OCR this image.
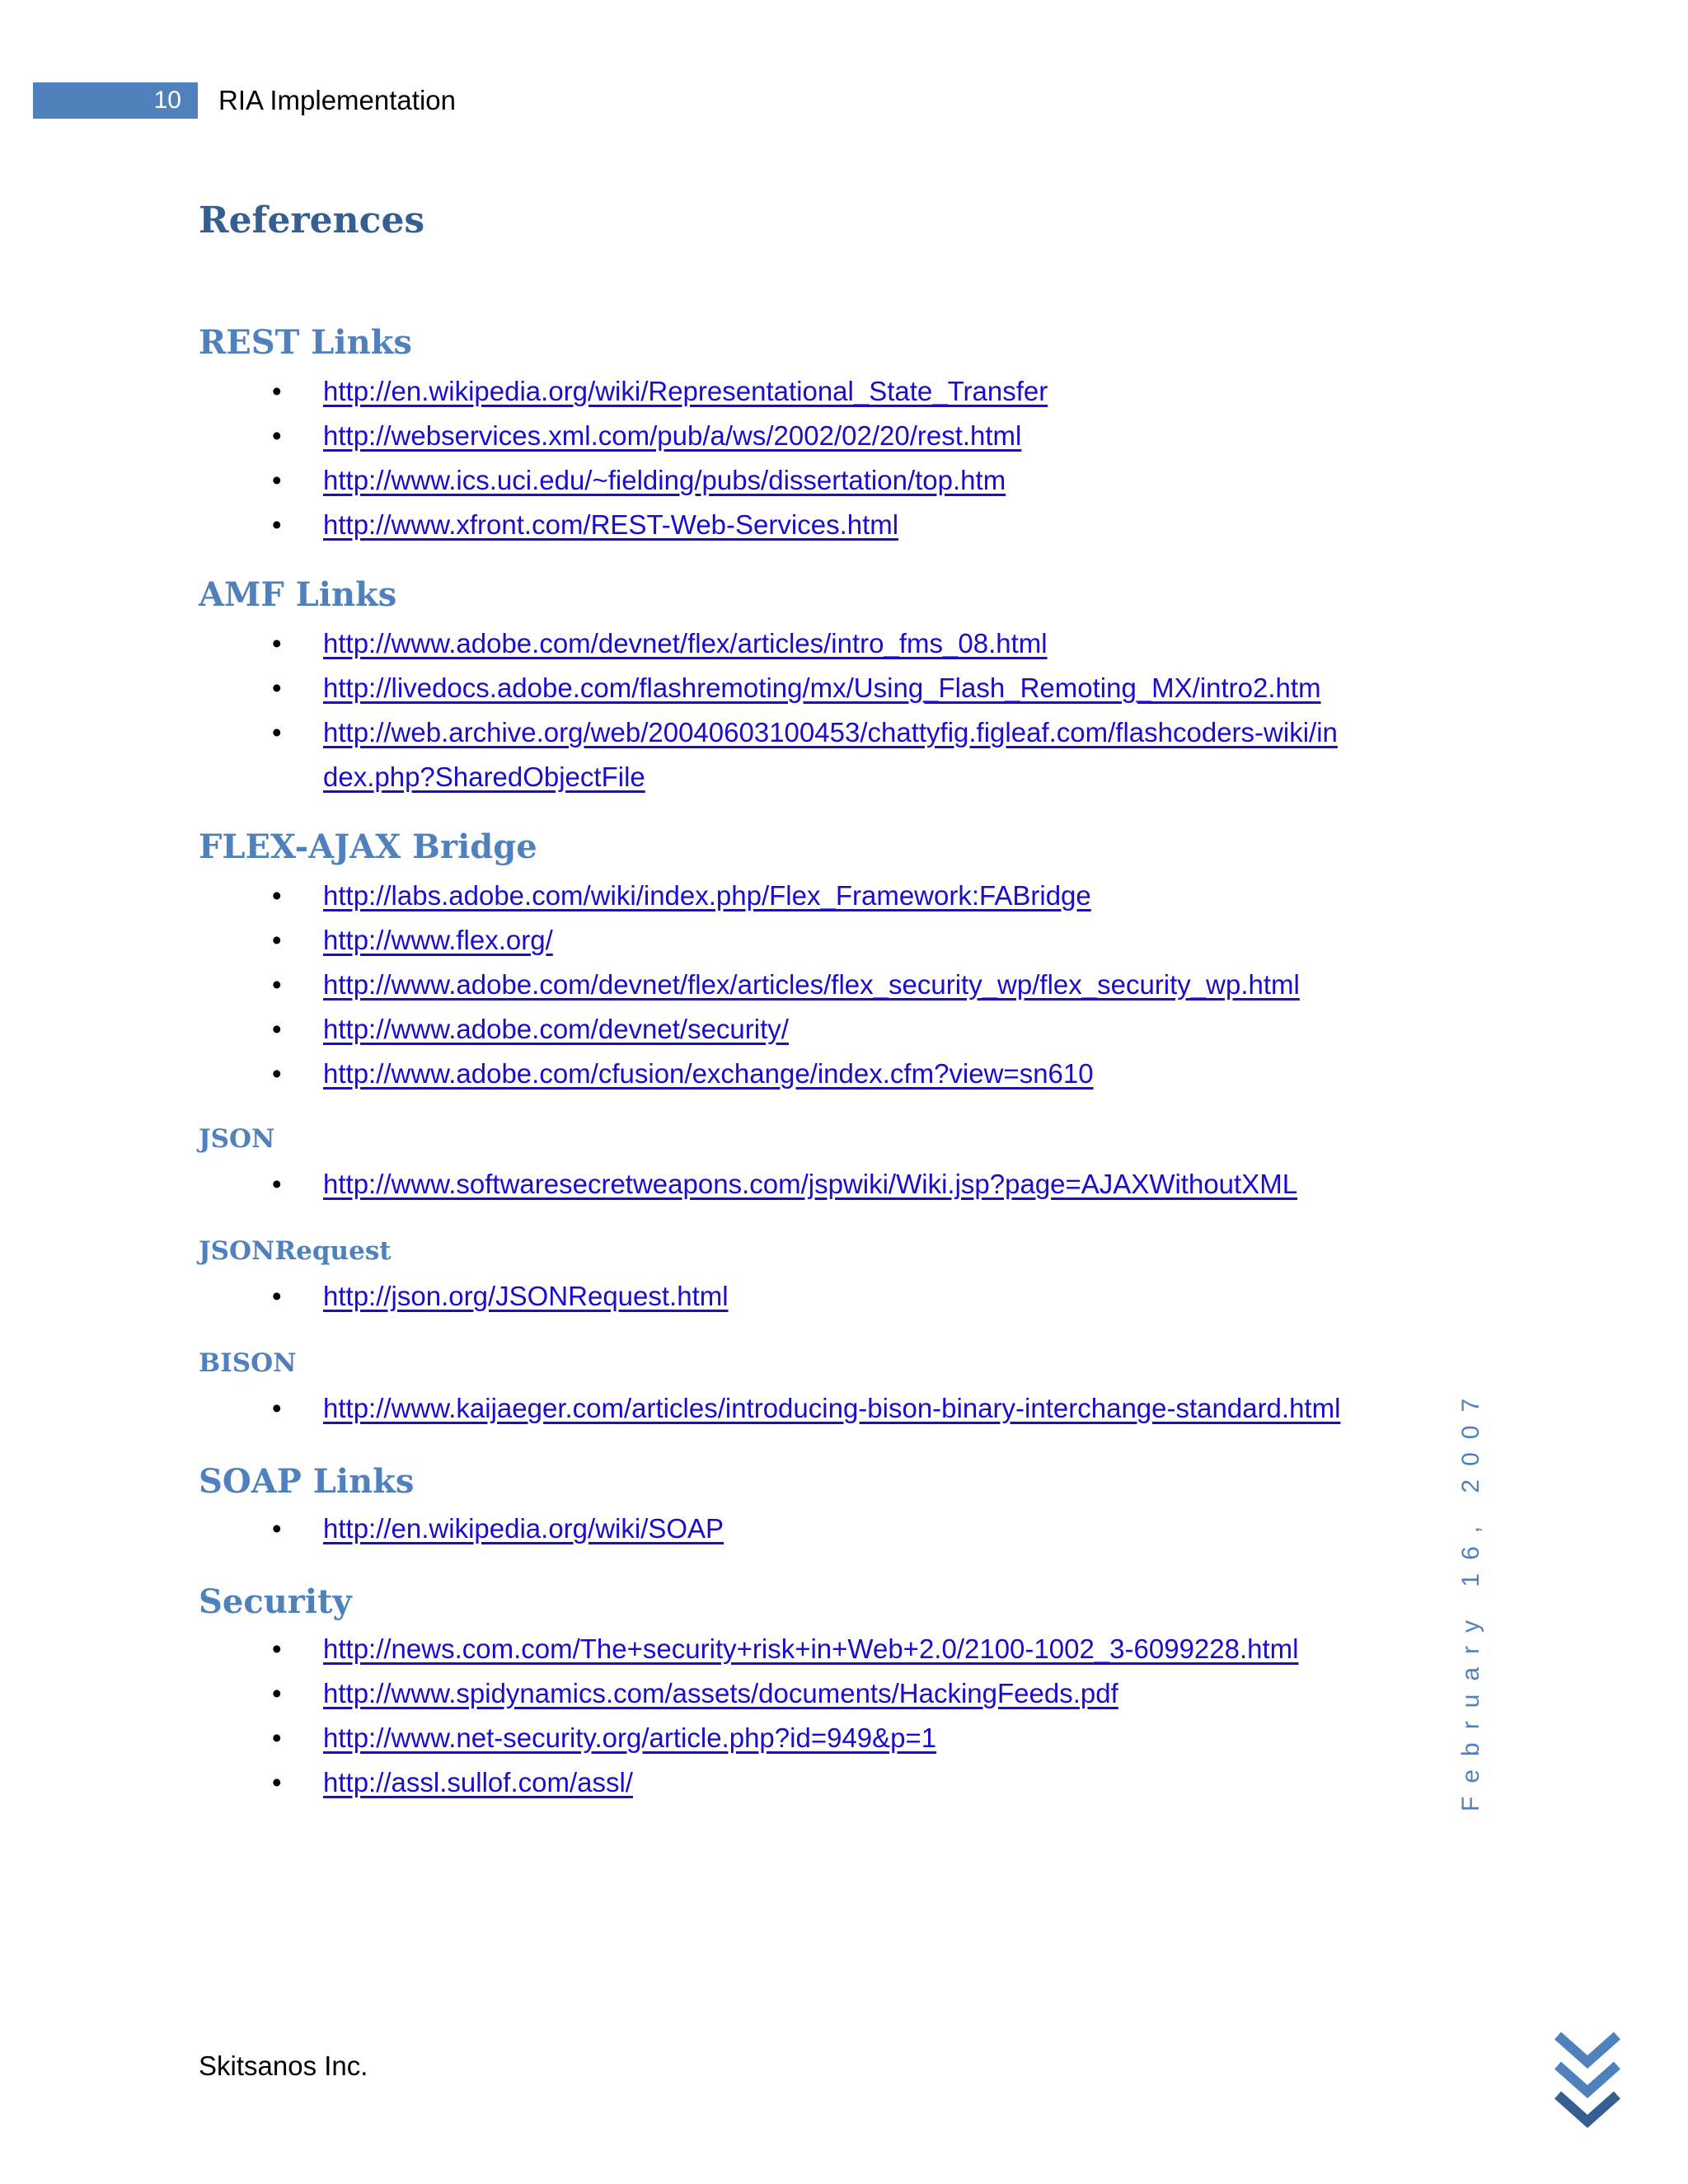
10 RIA Implementation
References
REST Links
• http://en.wikipedia.org/wiki/Representational_State_Transfer
• http://webservices.xml.com/pub/a/ws/2002/02/20/rest.html
• http://www.ics.uci.edu/~fielding/pubs/dissertation/top.htm
• http://www.xfront.com/REST-Web-Services.html
AMF Links
• http://www.adobe.com/devnet/flex/articles/intro_fms_08.html
• http://livedocs.adobe.com/flashremoting/mx/Using_Flash_Remoting_MX/intro2.htm
• http://web.archive.org/web/20040603100453/chattyfig.figleaf.com/flashcoders-wiki/index.php?SharedObjectFile
FLEX-AJAX Bridge
• http://labs.adobe.com/wiki/index.php/Flex_Framework:FABridge
• http://www.flex.org/
• http://www.adobe.com/devnet/flex/articles/flex_security_wp/flex_security_wp.html
• http://www.adobe.com/devnet/security/
• http://www.adobe.com/cfusion/exchange/index.cfm?view=sn610
JSON
• http://www.softwaresecretweapons.com/jspwiki/Wiki.jsp?page=AJAXWithoutXML
JSONRequest
• http://json.org/JSONRequest.html
BISON
• http://www.kaijaeger.com/articles/introducing-bison-binary-interchange-standard.html
SOAP Links
• http://en.wikipedia.org/wiki/SOAP
Security
• http://news.com.com/The+security+risk+in+Web+2.0/2100-1002_3-6099228.html
• http://www.spidynamics.com/assets/documents/HackingFeeds.pdf
• http://www.net-security.org/article.php?id=949&p=1
• http://assl.sullof.com/assl/	February 16, 2007
Skitsanos Inc.
